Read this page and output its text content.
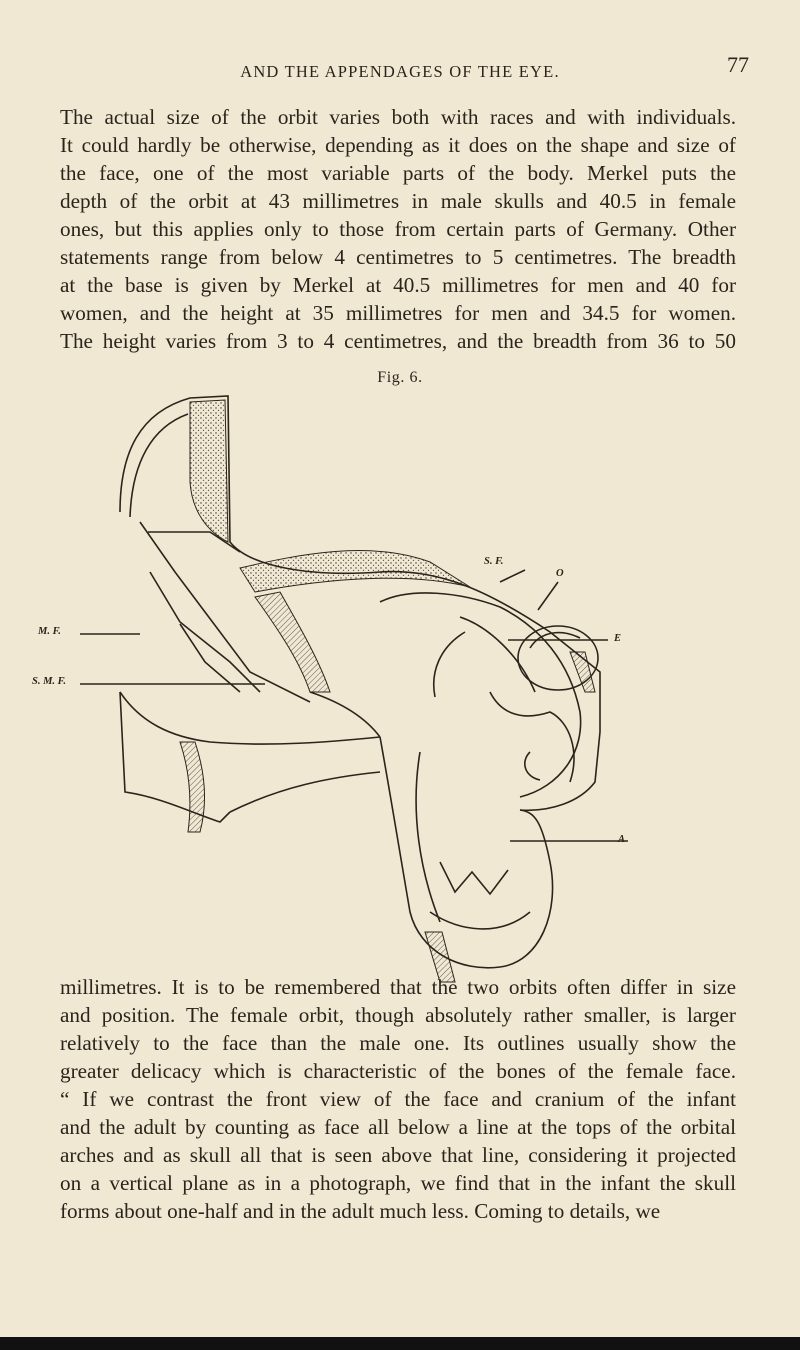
AND THE APPENDAGES OF THE EYE.	77

The actual size of the orbit varies both with races and with individuals.
It could hardly be otherwise, depending as it does on the shape and size of
the face, one of the most variable parts of the body. Merkel puts the
depth of the orbit at 43 millimetres in male skulls and 40.5 in female
ones, but this applies only to those from certain parts of Germany. Other
statements range from below 4 centimetres to 5 centimetres. The breadth
at the base is given by Merkel at 40.5 millimetres for men and 40 for
women, and the height at 35 millimetres for men and 34.5 for women.
The height varies from 3 to 4 centimetres, and the breadth from 36 to 50

Fig. 6.
M. F.
S. M. F.
S. F.
O
E
A

millimetres. It is to be remembered that the two orbits often differ in size
and position. The female orbit, though absolutely rather smaller, is larger
relatively to the face than the male one. Its outlines usually show the
greater delicacy which is characteristic of the bones of the female face.
“ If we contrast the front view of the face and cranium of the infant
and the adult by counting as face all below a line at the tops of the orbital
arches and as skull all that is seen above that line, considering it projected
on a vertical plane as in a photograph, we find that in the infant the skull
forms about one-half and in the adult much less. Coming to details, we
